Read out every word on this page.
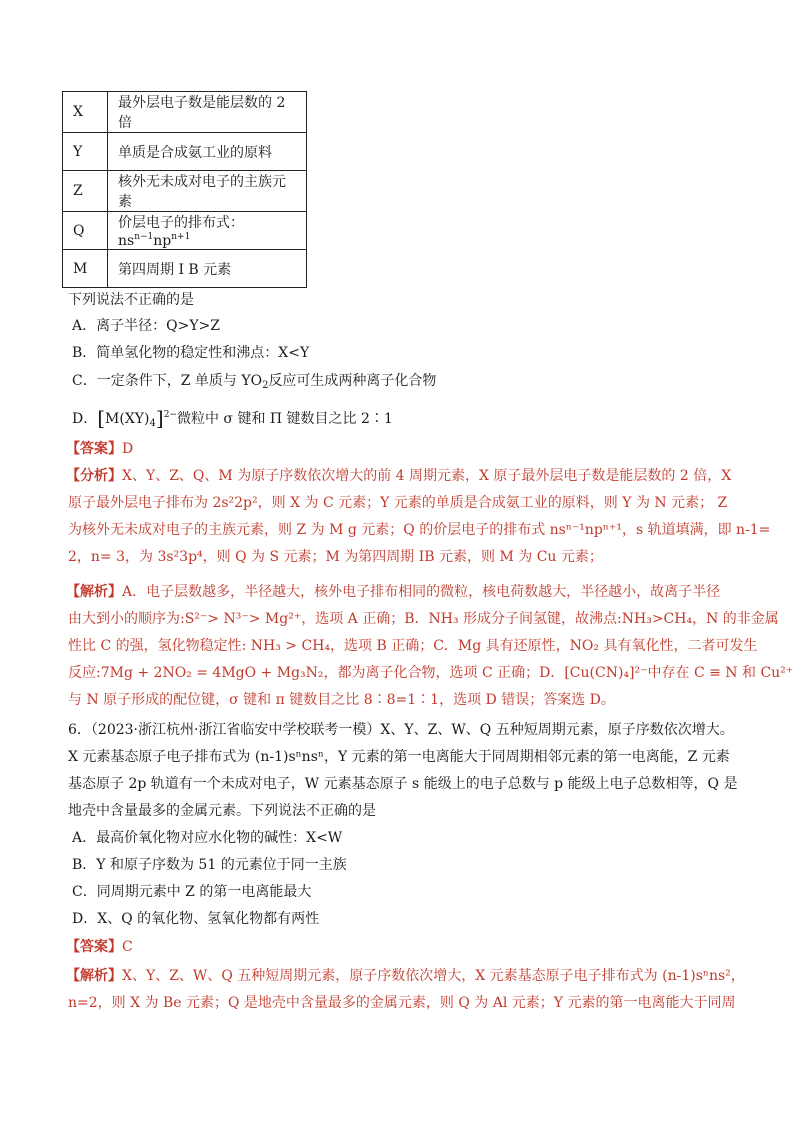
X	最外层电子数是能层数的 2 倍
Y	单质是合成氨工业的原料
Z	核外无未成对电子的主族元素
Q	价层电子的排布式：$ns^{n-1}np^{n+1}$
M	第四周期 I B 元素
下列说法不正确的是
A．离子半径：Q>Y>Z
B．简单氢化物的稳定性和沸点：X<Y
C．一定条件下，Z 单质与 $YO_2$反应可生成两种离子化合物
D．$[M(XY)_4]^{2-}$微粒中 σ 键和 Π 键数目之比 2∶1
【答案】D
【分析】X、Y、Z、Q、M 为原子序数依次增大的前 4 周期元素，X 原子最外层电子数是能层数的 2 倍，X
原子最外层电子排布为 2s²2p²，则 X 为 C 元素；Y 元素的单质是合成氨工业的原料，则 Y 为 N 元素； Z
为核外无未成对电子的主族元素，则 Z 为 M g 元素；Q 的价层电子的排布式 nsⁿ⁻¹npⁿ⁺¹，s 轨道填满，即 n-1=
2，n= 3，为 3s²3p⁴，则 Q 为 S 元素；M 为第四周期 IB 元素，则 M 为 Cu 元素；
【解析】A．电子层数越多，半径越大，核外电子排布相同的微粒，核电荷数越大，半径越小，故离子半径
由大到小的顺序为:S²⁻> N³⁻> Mg²⁺，选项 A 正确；B．NH₃ 形成分子间氢键，故沸点:NH₃>CH₄，N 的非金属
性比 C 的强，氢化物稳定性: NH₃ > CH₄，选项 B 正确；C．Mg 具有还原性，NO₂ 具有氧化性，二者可发生
反应:7Mg + 2NO₂ = 4MgO + Mg₃N₂，都为离子化合物，选项 C 正确；D．[Cu(CN)₄]²⁻中存在 C ≡ N 和 Cu²⁺
与 N 原子形成的配位键，σ 键和 π 键数目之比 8∶8=1∶1，选项 D 错误；答案选 D。
6．（2023·浙江杭州·浙江省临安中学校联考一模）X、Y、Z、W、Q 五种短周期元素，原子序数依次增大。
X 元素基态原子电子排布式为 (n-1)sⁿnsⁿ，Y 元素的第一电离能大于同周期相邻元素的第一电离能，Z 元素
基态原子 2p 轨道有一个未成对电子，W 元素基态原子 s 能级上的电子总数与 p 能级上电子总数相等，Q 是
地壳中含量最多的金属元素。下列说法不正确的是
A．最高价氧化物对应水化物的碱性：X<W
B．Y 和原子序数为 51 的元素位于同一主族
C．同周期元素中 Z 的第一电离能最大
D．X、Q 的氧化物、氢氧化物都有两性
【答案】C
【解析】X、Y、Z、W、Q 五种短周期元素，原子序数依次增大，X 元素基态原子电子排布式为 (n-1)sⁿns²，
n=2，则 X 为 Be 元素；Q 是地壳中含量最多的金属元素，则 Q 为 Al 元素；Y 元素的第一电离能大于同周
